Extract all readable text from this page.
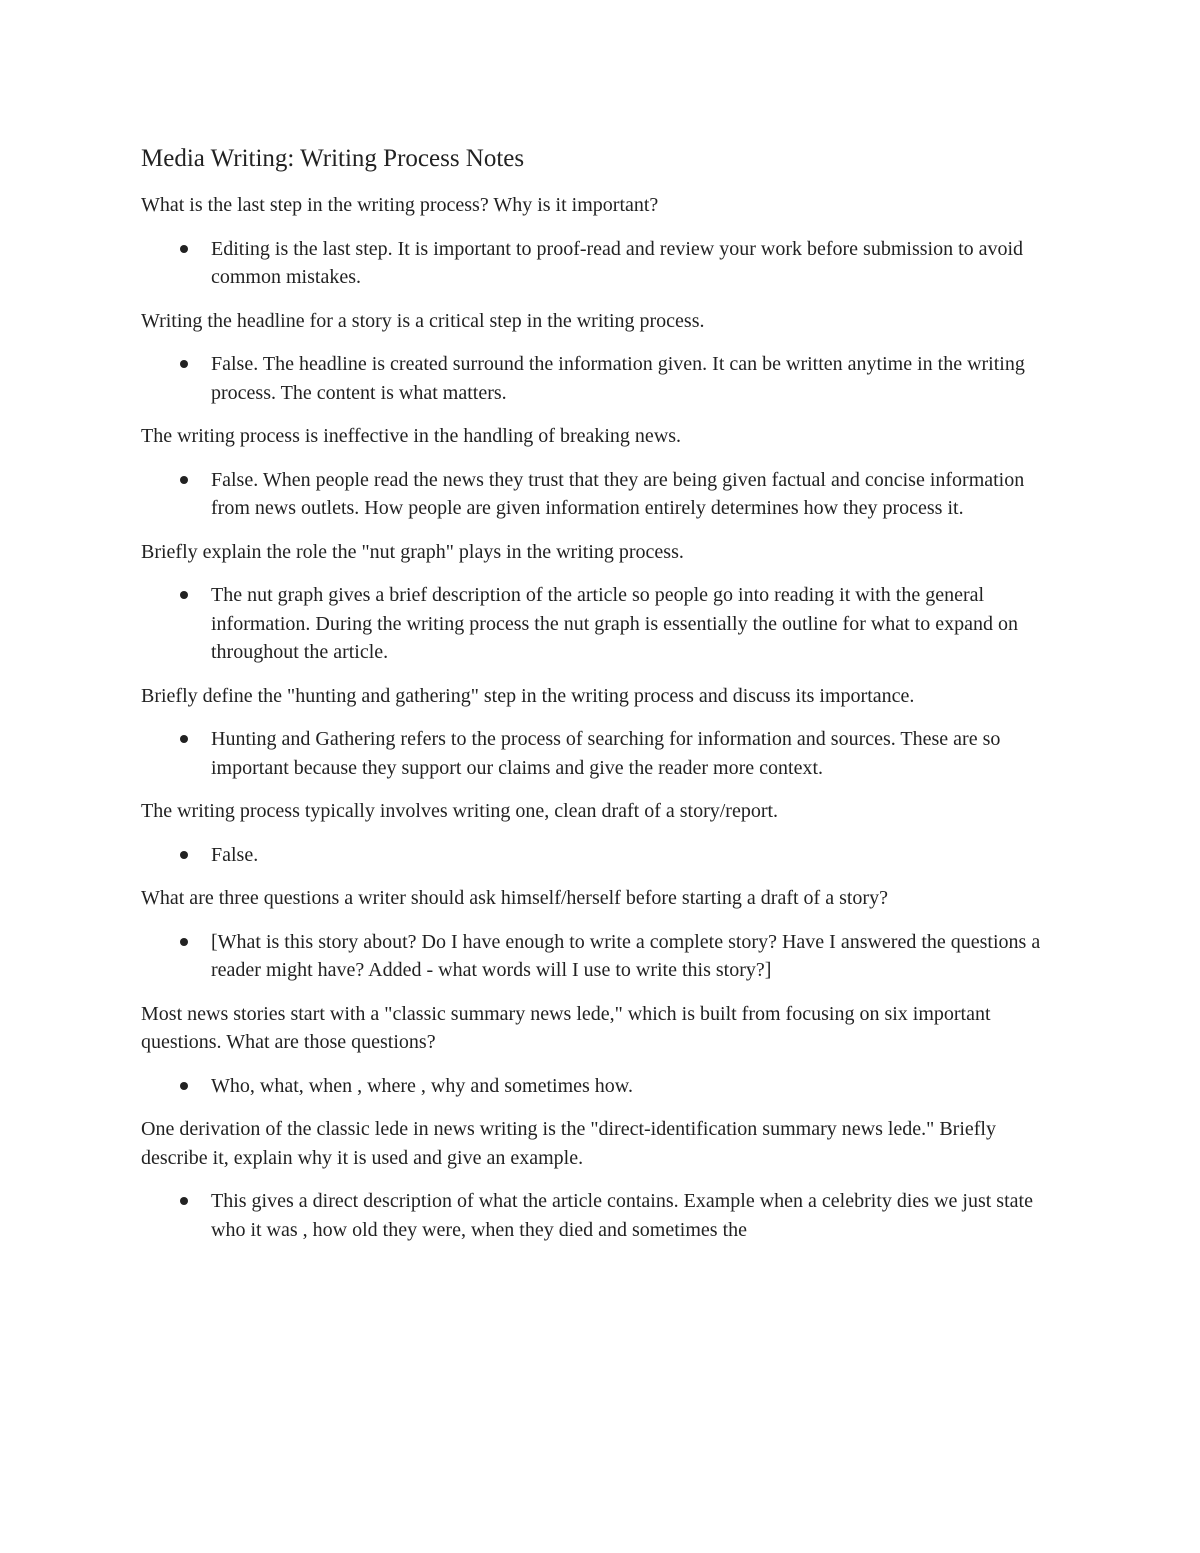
Media Writing: Writing Process Notes

What is the last step in the writing process? Why is it important?

Editing is the last step. It is important to proof-read and review your work before submission to avoid common mistakes.

Writing the headline for a story is a critical step in the writing process.

False. The headline is created surround the information given. It can be written anytime in the writing process. The content is what matters.

The writing process is ineffective in the handling of breaking news.

False. When people read the news they trust that they are being given factual and concise information from news outlets. How people are given information entirely determines how they process it.

Briefly explain the role the "nut graph" plays in the writing process.

The nut graph gives a brief description of the article so people go into reading it with the general information. During the writing process the nut graph is essentially the outline for what to expand on throughout the article.

Briefly define the "hunting and gathering" step in the writing process and discuss its importance.

Hunting and Gathering refers to the process of searching for information and sources. These are so important because they support our claims and give the reader more context.

The writing process typically involves writing one, clean draft of a story/report.

False.

What are three questions a writer should ask himself/herself before starting a draft of a story?

[What is this story about? Do I have enough to write a complete story? Have I answered the questions a reader might have? Added - what words will I use to write this story?]

Most news stories start with a "classic summary news lede," which is built from focusing on six important questions. What are those questions?

Who, what, when , where , why and sometimes how.

One derivation of the classic lede in news writing is the "direct-identification summary news lede." Briefly describe it, explain why it is used and give an example.

This gives a direct description of what the article contains. Example when a celebrity dies we just state who it was , how old they were, when they died and sometimes the
